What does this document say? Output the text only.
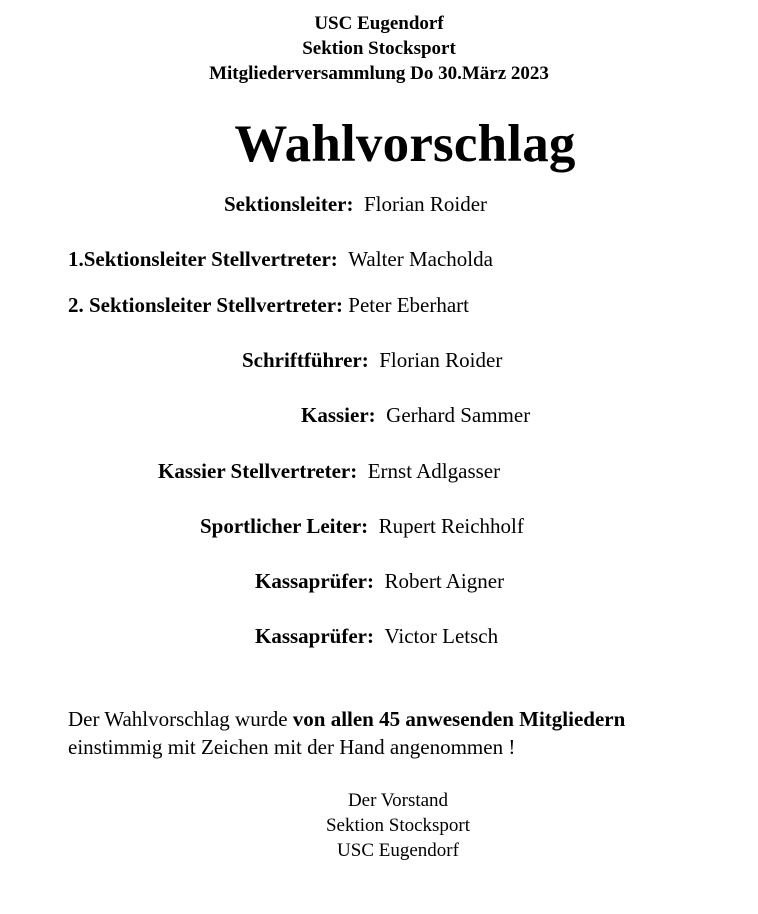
USC Eugendorf
Sektion Stocksport
Mitgliederversammlung Do 30.März 2023
Wahlvorschlag
Sektionsleiter: Florian Roider
1.Sektionsleiter Stellvertreter: Walter Macholda
2. Sektionsleiter Stellvertreter: Peter Eberhart
Schriftführer: Florian Roider
Kassier: Gerhard Sammer
Kassier Stellvertreter: Ernst Adlgasser
Sportlicher Leiter: Rupert Reichholf
Kassaprüfer: Robert Aigner
Kassaprüfer: Victor Letsch
Der Wahlvorschlag wurde von allen 45 anwesenden Mitgliedern
einstimmig mit Zeichen mit der Hand angenommen !
Der Vorstand
Sektion Stocksport
USC Eugendorf
